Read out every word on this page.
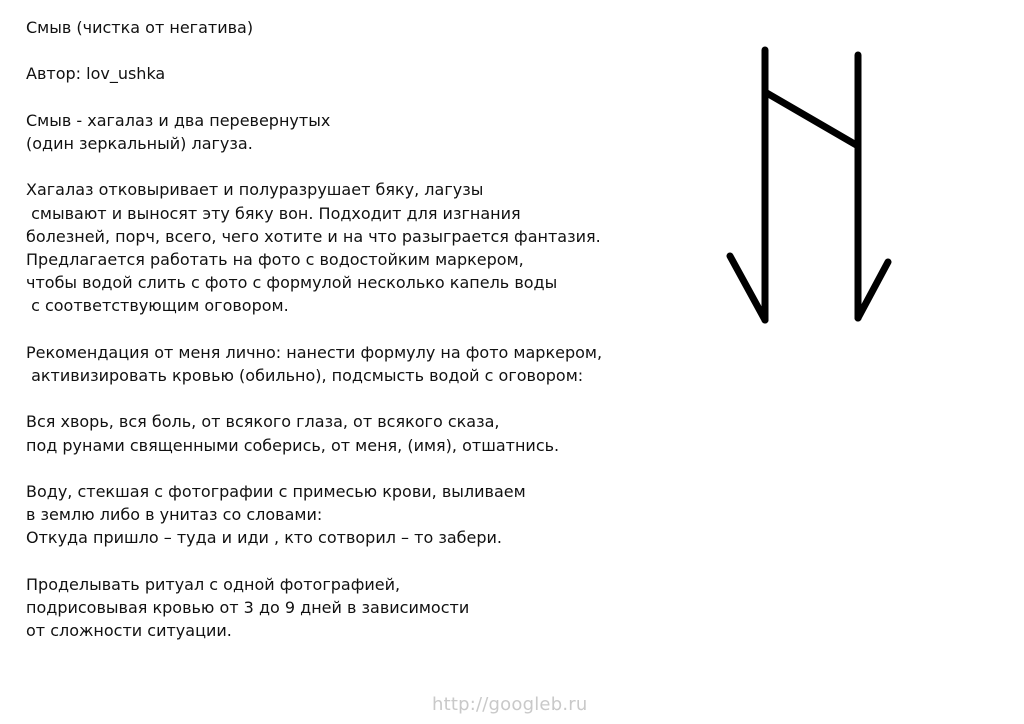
Смыв (чистка от негатива)

Автор: lov_ushka

Смыв - хагалаз и два перевернутых
(один зеркальный) лагуза.

Хагалаз отковыривает и полуразрушает бяку, лагузы
смывают и выносят эту бяку вон. Подходит для изгнания
болезней, порч, всего, чего хотите и на что разыграется фантазия.
Предлагается работать на фото с водостойким маркером,
чтобы водой слить с фото с формулой несколько капель воды
с соответствующим оговором.

Рекомендация от меня лично: нанести формулу на фото маркером,
активизировать кровью (обильно), подсмысть водой с оговором:

Вся хворь, вся боль, от всякого глаза, от всякого сказа,
под рунами священными соберись, от меня, (имя), отшатнись.

Воду, стекшая с фотографии с примесью крови, выливаем
в землю либо в унитаз со словами:
Откуда пришло – туда и иди , кто сотворил – то забери.

Проделывать ритуал с одной фотографией,
подрисовывая кровью от 3 до 9 дней в зависимости
от сложности ситуации.

http://googleb.ru
